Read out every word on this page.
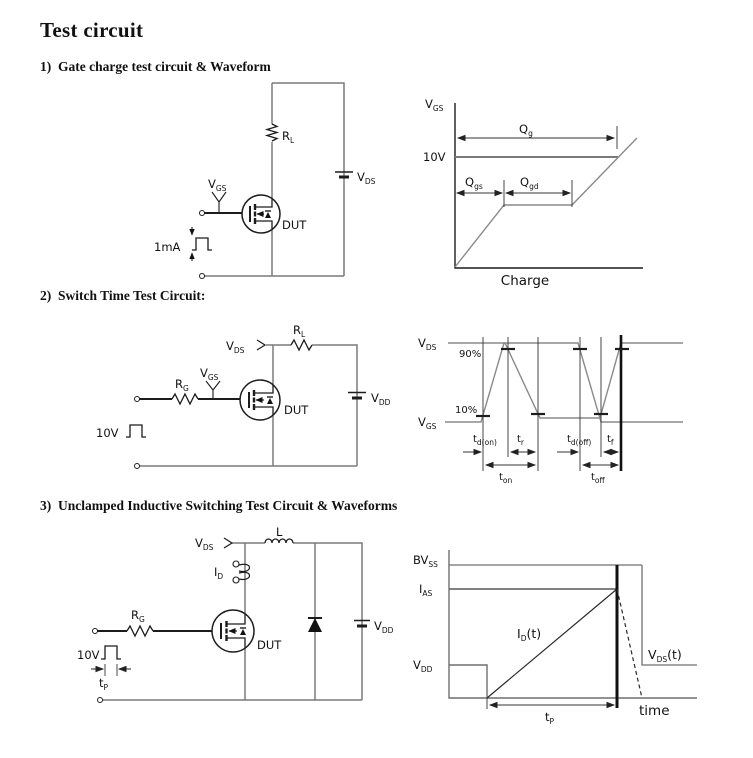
Test circuit
1)  Gate charge test circuit & Waveform
2)  Switch Time Test Circuit:
3)  Unclamped Inductive Switching Test Circuit & Waveforms
$R_L$
$V_{DS}$
$V_{GS}$
1mA
DUT
$V_{GS}$
10V
$Q_g$
$Q_{gs}$	$Q_{gd}$
Charge
$V_{DS}$
$R_L$
$R_G$
$V_{GS}$
10V
$V_{DD}$
DUT
$V_{DS}$
$V_{GS}$
90%
10%
$t_{d(on)}$ $t_r$	$t_{d(off)}$ $t_f$
$t_{on}$	$t_{off}$
$V_{DS}$
L
$I_D$
$R_G$
10V
$t_P$
$V_{DD}$
DUT
$BV_{SS}$
$I_{AS}$
$V_{DD}$
$I_D(t)$
$V_{DS}(t)$
$t_P$
time
